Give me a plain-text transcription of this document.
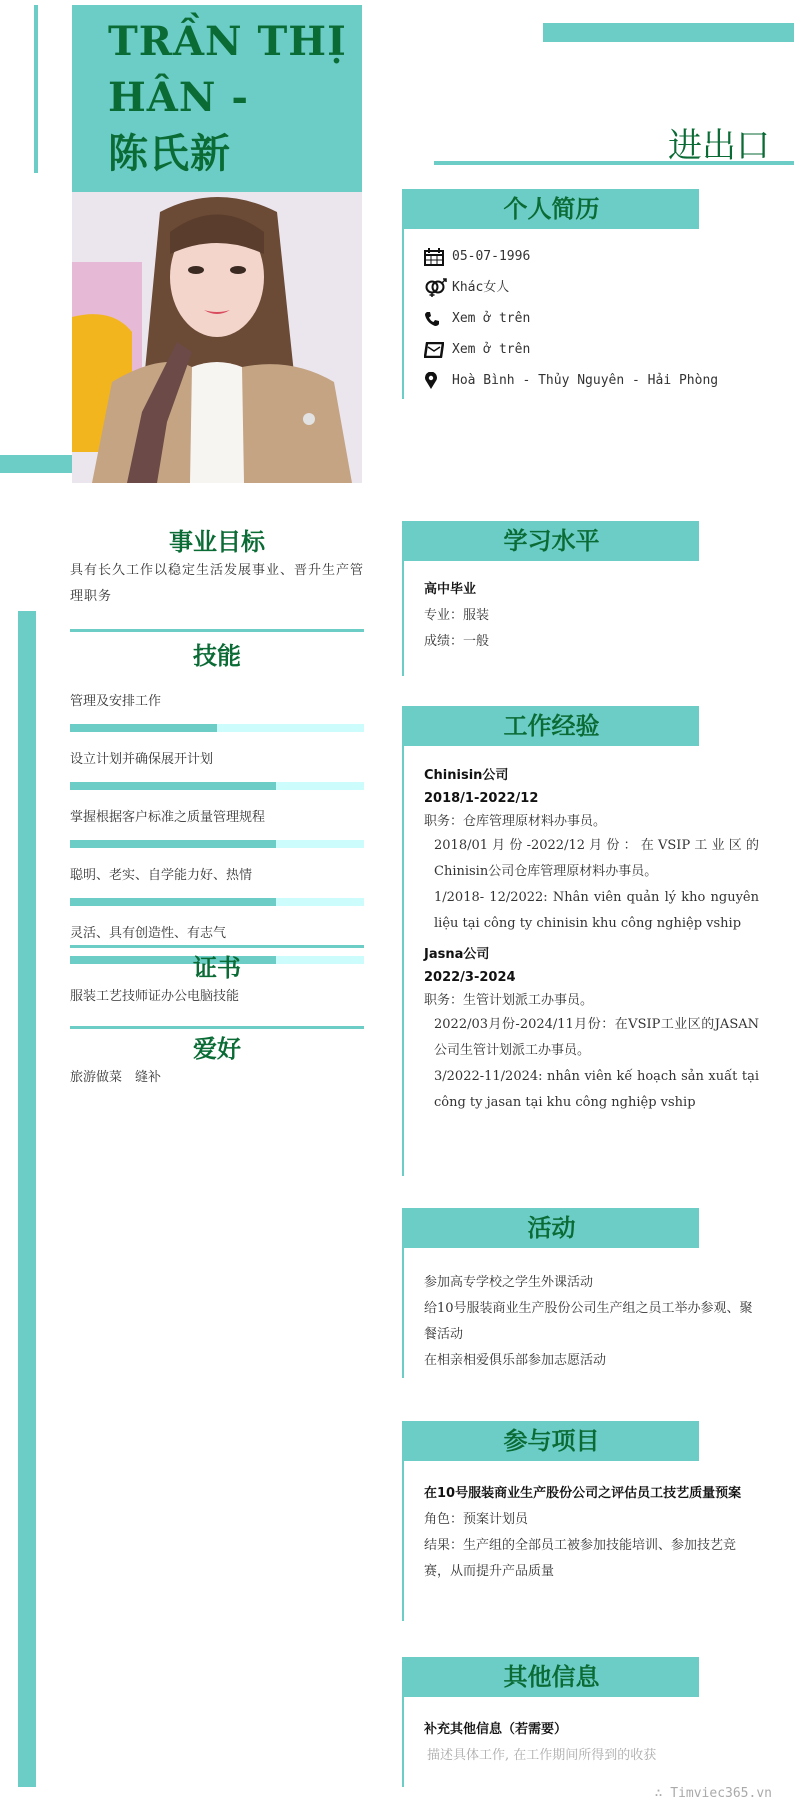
TRẦN THỊ HÂN -
陈氏新	进出口
个人简历
05-07-1996
Khác女人
Xem ở trên
Xem ở trên
Hoà Bình - Thủy Nguyên - Hải Phòng
事业目标
具有长久工作以稳定生活发展事业、晋升生产管理职务
技能
管理及安排工作
设立计划并确保展开计划
掌握根据客户标准之质量管理规程
聪明、老实、自学能力好、热情
灵活、具有创造性、有志气
证书
服装工艺技师证办公电脑技能
爱好
旅游做菜　缝补
学习水平
高中毕业
专业：服装
成绩：一般
工作经验
Chinisin公司
2018/1-2022/12
职务：仓库管理原材料办事员。
2018/01 月 份 -2022/12 月 份 ： 在 VSIP 工 业 区 的 Chinisin公司仓库管理原材料办事员。
1/2018- 12/2022: Nhân viên quản lý kho nguyên liệu tại công ty chinisin khu công nghiệp vship
Jasna公司
2022/3-2024
职务：生管计划派工办事员。
2022/03月份-2024/11月份：在VSIP工业区的JASAN公司生管计划派工办事员。
3/2022-11/2024: nhân viên kế hoạch sản xuất tại công ty jasan tại khu công nghiệp vship
活动
参加高专学校之学生外课活动
给10号服装商业生产股份公司生产组之员工举办参观、聚餐活动
在相亲相爱俱乐部参加志愿活动
参与项目
在10号服装商业生产股份公司之评估员工技艺质量预案
角色：预案计划员
结果：生产组的全部员工被参加技能培训、参加技艺竞赛，从而提升产品质量
其他信息
补充其他信息（若需要）
描述具体工作, 在工作期间所得到的收获
∴ Timviec365.vn
